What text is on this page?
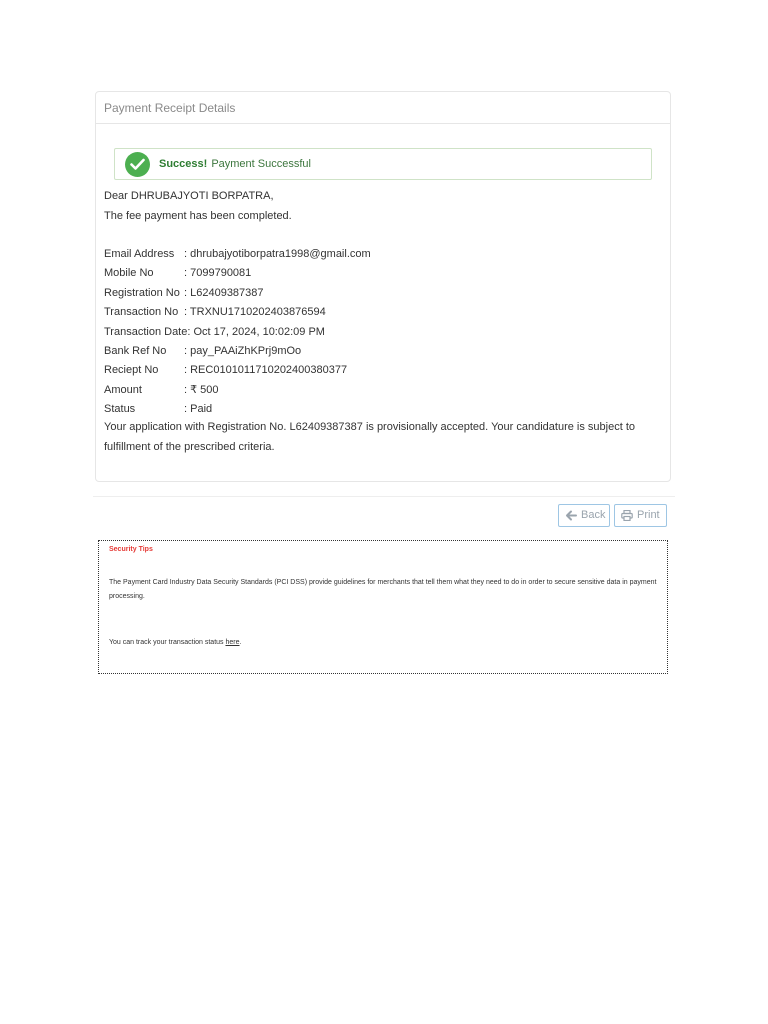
Payment Receipt Details
Success! Payment Successful
Dear DHRUBAJYOTI BORPATRA,
The fee payment has been completed.
Email Address : dhrubajyotiborpatra1998@gmail.com
Mobile No	: 7099790081
Registration No : L62409387387
Transaction No : TRXNU1710202403876594
Transaction Date: Oct 17, 2024, 10:02:09 PM
Bank Ref No : pay_PAAiZhKPrj9mOo
Reciept No : REC0101011710202400380377
Amount	: ₹ 500
Status	: Paid
Your application with Registration No. L62409387387 is provisionally accepted. Your candidature is subject to fulfillment of the prescribed criteria.
Back	Print
Security Tips
The Payment Card Industry Data Security Standards (PCI DSS) provide guidelines for merchants that tell them what they need to do in order to secure sensitive data in payment processing.
You can track your transaction status here.
